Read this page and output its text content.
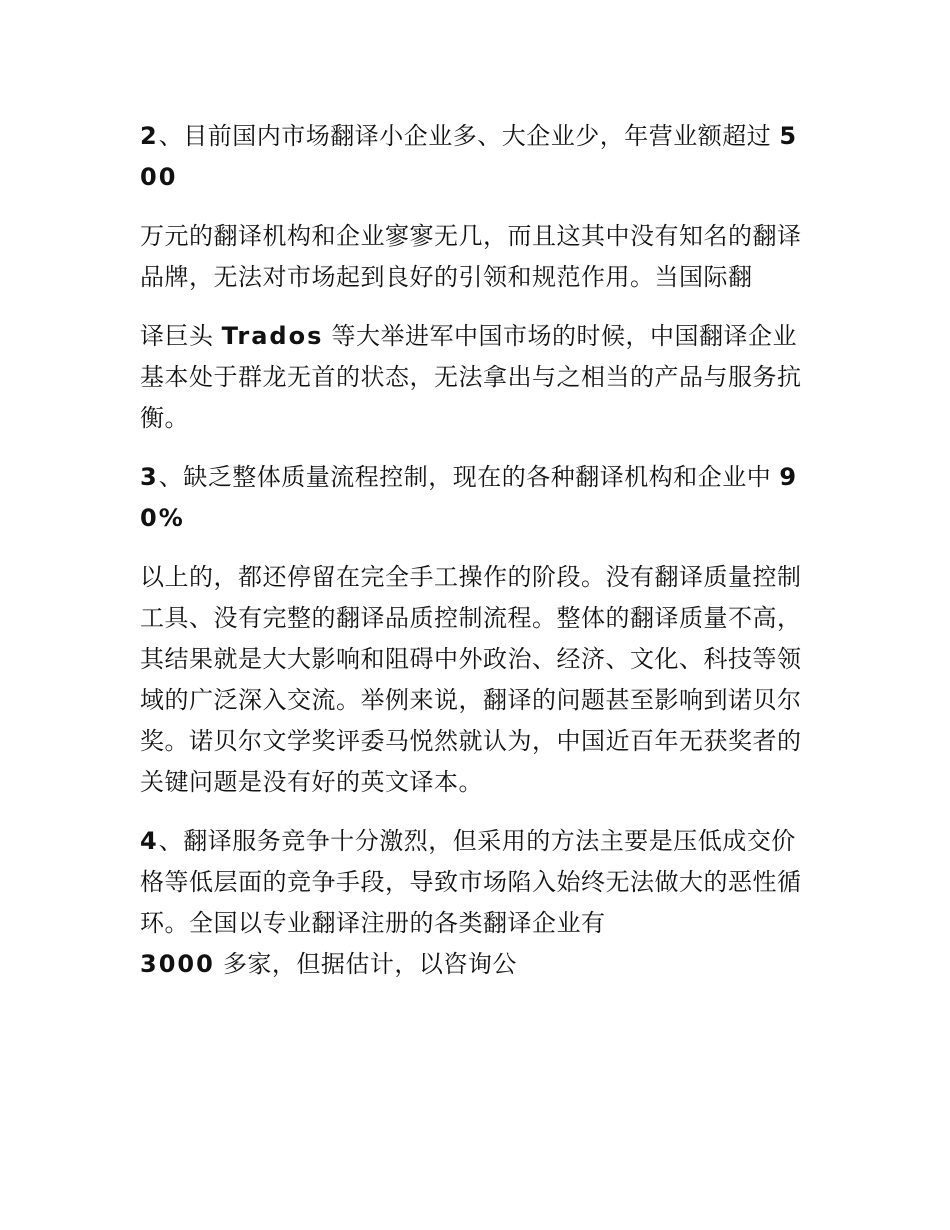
2、目前国内市场翻译小企业多、大企业少，年营业额超过 500

万元的翻译机构和企业寥寥无几，而且这其中没有知名的翻译品牌，无法对市场起到良好的引领和规范作用。当国际翻

译巨头 Trados 等大举进军中国市场的时候，中国翻译企业基本处于群龙无首的状态，无法拿出与之相当的产品与服务抗衡。

3、缺乏整体质量流程控制，现在的各种翻译机构和企业中 90%

以上的，都还停留在完全手工操作的阶段。没有翻译质量控制工具、没有完整的翻译品质控制流程。整体的翻译质量不高，其结果就是大大影响和阻碍中外政治、经济、文化、科技等领域的广泛深入交流。举例来说，翻译的问题甚至影响到诺贝尔奖。诺贝尔文学奖评委马悦然就认为，中国近百年无获奖者的关键问题是没有好的英文译本。

4、翻译服务竞争十分激烈，但采用的方法主要是压低成交价格等低层面的竞争手段，导致市场陷入始终无法做大的恶性循环。全国以专业翻译注册的各类翻译企业有
3000 多家，但据估计，以咨询公
